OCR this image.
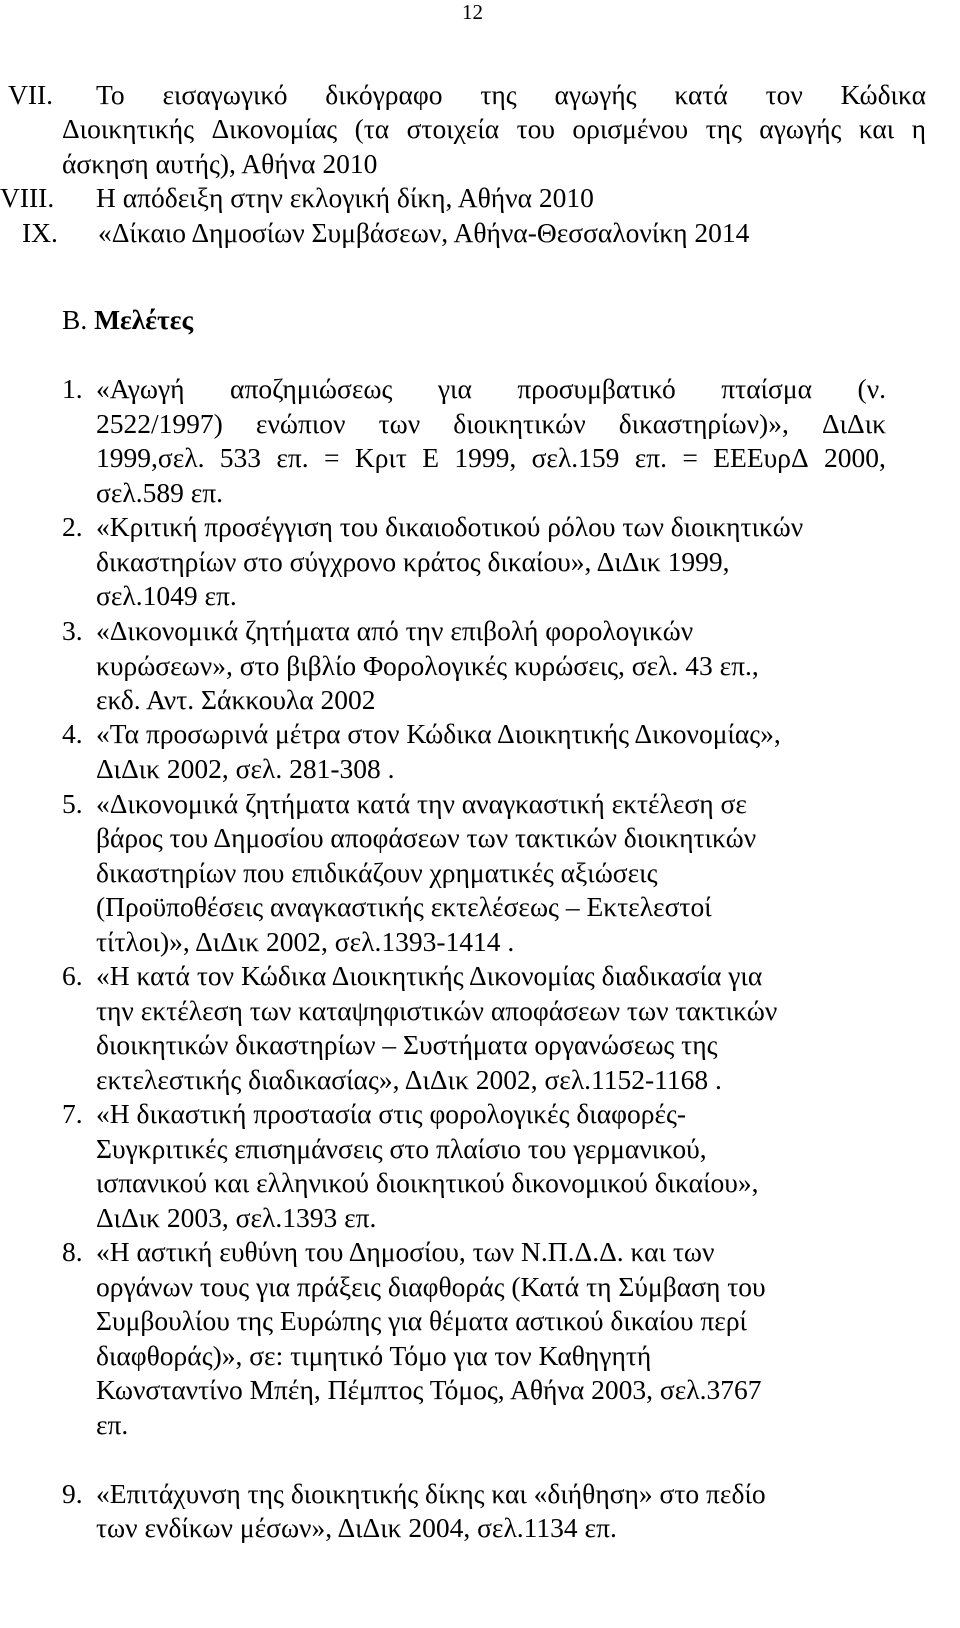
12
VII. Το εισαγωγικό δικόγραφο της αγωγής κατά τον Κώδικα
Διοικητικής Δικονομίας (τα στοιχεία του ορισμένου της αγωγής και η
άσκηση αυτής), Αθήνα 2010
VIII. Η απόδειξη στην εκλογική δίκη, Αθήνα 2010
IX. «Δίκαιο Δημοσίων Συμβάσεων, Αθήνα-Θεσσαλονίκη 2014
B. Μελέτες
1. «Αγωγή αποζημιώσεως για προσυμβατικό πταίσμα (ν.
2522/1997) ενώπιον των διοικητικών δικαστηρίων)», ΔιΔικ
1999,σελ. 533 επ. = Κριτ Ε 1999, σελ.159 επ. = ΕΕΕυρΔ 2000,
σελ.589 επ.
2. «Κριτική προσέγγιση του δικαιοδοτικού ρόλου των διοικητικών
δικαστηρίων στο σύγχρονο κράτος δικαίου», ΔιΔικ 1999,
σελ.1049 επ.
3. «Δικονομικά ζητήματα από την επιβολή φορολογικών
κυρώσεων», στο βιβλίο Φορολογικές κυρώσεις, σελ. 43 επ.,
εκδ. Αντ. Σάκκουλα 2002
4. «Τα προσωρινά μέτρα στον Κώδικα Διοικητικής Δικονομίας»,
ΔιΔικ 2002, σελ. 281-308 .
5. «Δικονομικά ζητήματα κατά την αναγκαστική εκτέλεση σε
βάρος του Δημοσίου αποφάσεων των τακτικών διοικητικών
δικαστηρίων που επιδικάζουν χρηματικές αξιώσεις
(Προϋποθέσεις αναγκαστικής εκτελέσεως – Εκτελεστοί
τίτλοι)», ΔιΔικ 2002, σελ.1393-1414 .
6. «Η κατά τον Κώδικα Διοικητικής Δικονομίας διαδικασία για
την εκτέλεση των καταψηφιστικών αποφάσεων των τακτικών
διοικητικών δικαστηρίων – Συστήματα οργανώσεως της
εκτελεστικής διαδικασίας», ΔιΔικ 2002, σελ.1152-1168 .
7. «Η δικαστική προστασία στις φορολογικές διαφορές-
Συγκριτικές επισημάνσεις στο πλαίσιο του γερμανικού,
ισπανικού και ελληνικού διοικητικού δικονομικού δικαίου»,
ΔιΔικ 2003, σελ.1393 επ.
8. «Η αστική ευθύνη του Δημοσίου, των Ν.Π.Δ.Δ. και των
οργάνων τους για πράξεις διαφθοράς (Κατά τη Σύμβαση του
Συμβουλίου της Ευρώπης για θέματα αστικού δικαίου περί
διαφθοράς)», σε: τιμητικό Τόμο για τον Καθηγητή
Κωνσταντίνο Μπέη, Πέμπτος Τόμος, Αθήνα 2003, σελ.3767
επ.
9. «Επιτάχυνση της διοικητικής δίκης και «διήθηση» στο πεδίο
των ενδίκων μέσων», ΔιΔικ 2004, σελ.1134 επ.
